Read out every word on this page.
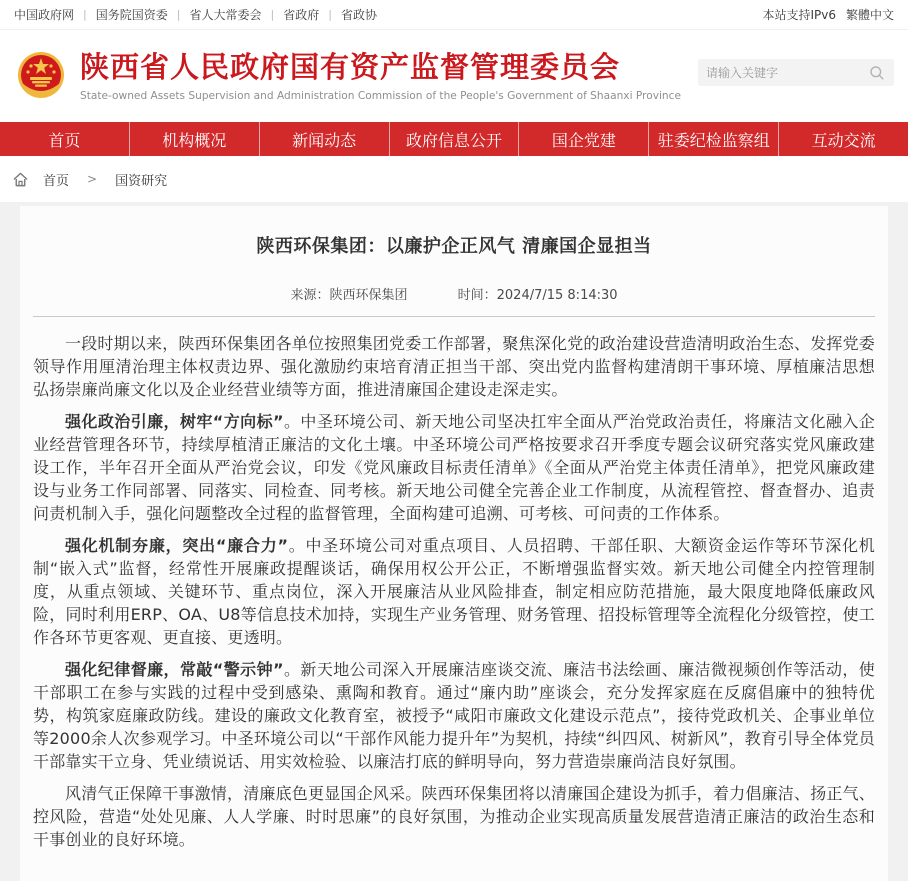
中国政府网 | 国务院国资委 | 省人大常委会 | 省政府 | 省政协	本站支持IPv6 繁體中文
陕西省人民政府国有资产监督管理委员会
State-owned Assets Supervision and Administration Commission of the People's Government of Shaanxi Province
请输入关键字
首页	机构概况	新闻动态	政府信息公开	国企党建	驻委纪检监察组	互动交流
首页 > 国资研究
陕西环保集团：以廉护企正风气 清廉国企显担当
来源：陕西环保集团	时间：2024/7/15 8:14:30

一段时期以来，陕西环保集团各单位按照集团党委工作部署，聚焦深化党的政治建设营造清明政治生态、发挥党委领导作用厘清治理主体权责边界、强化激励约束培育清正担当干部、突出党内监督构建清朗干事环境、厚植廉洁思想弘扬崇廉尚廉文化以及企业经营业绩等方面，推进清廉国企建设走深走实。

强化政治引廉，树牢“方向标”。中圣环境公司、新天地公司坚决扛牢全面从严治党政治责任，将廉洁文化融入企业经营管理各环节，持续厚植清正廉洁的文化土壤。中圣环境公司严格按要求召开季度专题会议研究落实党风廉政建设工作，半年召开全面从严治党会议，印发《党风廉政目标责任清单》《全面从严治党主体责任清单》，把党风廉政建设与业务工作同部署、同落实、同检查、同考核。新天地公司健全完善企业工作制度，从流程管控、督查督办、追责问责机制入手，强化问题整改全过程的监督管理，全面构建可追溯、可考核、可问责的工作体系。

强化机制夯廉，突出“廉合力”。中圣环境公司对重点项目、人员招聘、干部任职、大额资金运作等环节深化机制“嵌入式”监督，经常性开展廉政提醒谈话，确保用权公开公正，不断增强监督实效。新天地公司健全内控管理制度，从重点领域、关键环节、重点岗位，深入开展廉洁从业风险排查，制定相应防范措施，最大限度地降低廉政风险，同时利用ERP、OA、U8等信息技术加持，实现生产业务管理、财务管理、招投标管理等全流程化分级管控，使工作各环节更客观、更直接、更透明。

强化纪律督廉，常敲“警示钟”。新天地公司深入开展廉洁座谈交流、廉洁书法绘画、廉洁微视频创作等活动，使干部职工在参与实践的过程中受到感染、熏陶和教育。通过“廉内助”座谈会，充分发挥家庭在反腐倡廉中的独特优势，构筑家庭廉政防线。建设的廉政文化教育室，被授予“咸阳市廉政文化建设示范点”，接待党政机关、企事业单位等2000余人次参观学习。中圣环境公司以“干部作风能力提升年”为契机，持续“纠四风、树新风”，教育引导全体党员干部靠实干立身、凭业绩说话、用实效检验、以廉洁打底的鲜明导向，努力营造崇廉尚洁良好氛围。

风清气正保障干事激情，清廉底色更显国企风采。陕西环保集团将以清廉国企建设为抓手，着力倡廉洁、扬正气、控风险，营造“处处见廉、人人学廉、时时思廉”的良好氛围，为推动企业实现高质量发展营造清正廉洁的政治生态和干事创业的良好环境。
